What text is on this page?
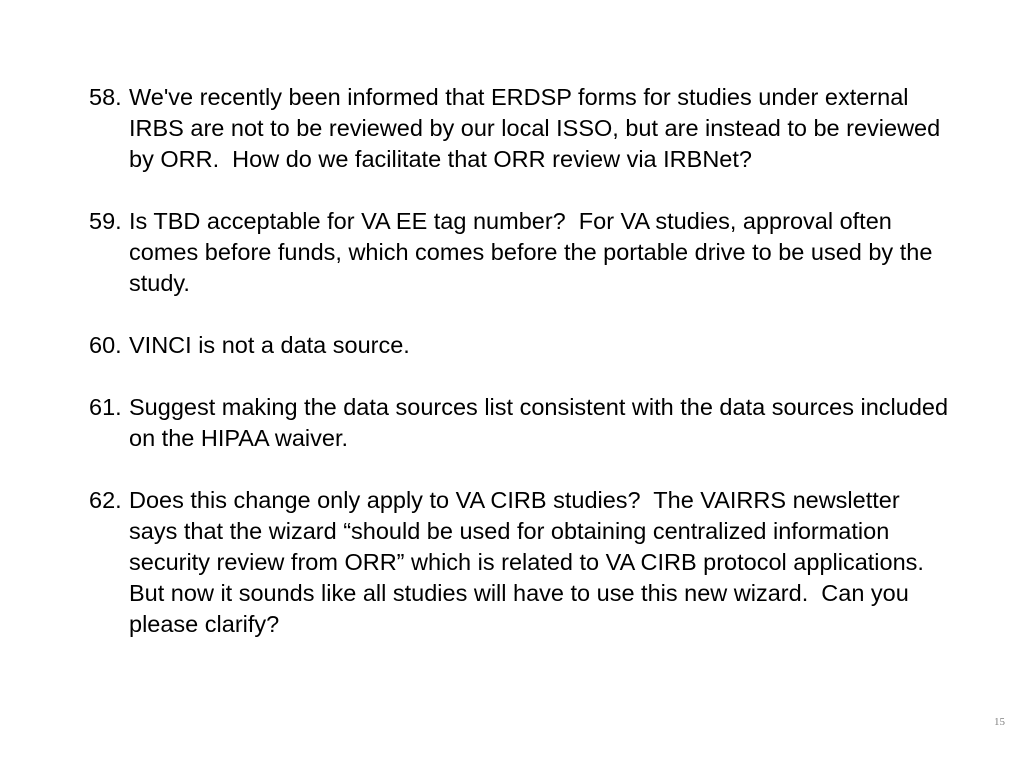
58. We've recently been informed that ERDSP forms for studies under external IRBS are not to be reviewed by our local ISSO, but are instead to be reviewed by ORR.  How do we facilitate that ORR review via IRBNet?
59. Is TBD acceptable for VA EE tag number?  For VA studies, approval often comes before funds, which comes before the portable drive to be used by the study.
60. VINCI is not a data source.
61. Suggest making the data sources list consistent with the data sources included on the HIPAA waiver.
62. Does this change only apply to VA CIRB studies?  The VAIRRS newsletter says that the wizard “should be used for obtaining centralized information security review from ORR” which is related to VA CIRB protocol applications. But now it sounds like all studies will have to use this new wizard.  Can you please clarify?
15
